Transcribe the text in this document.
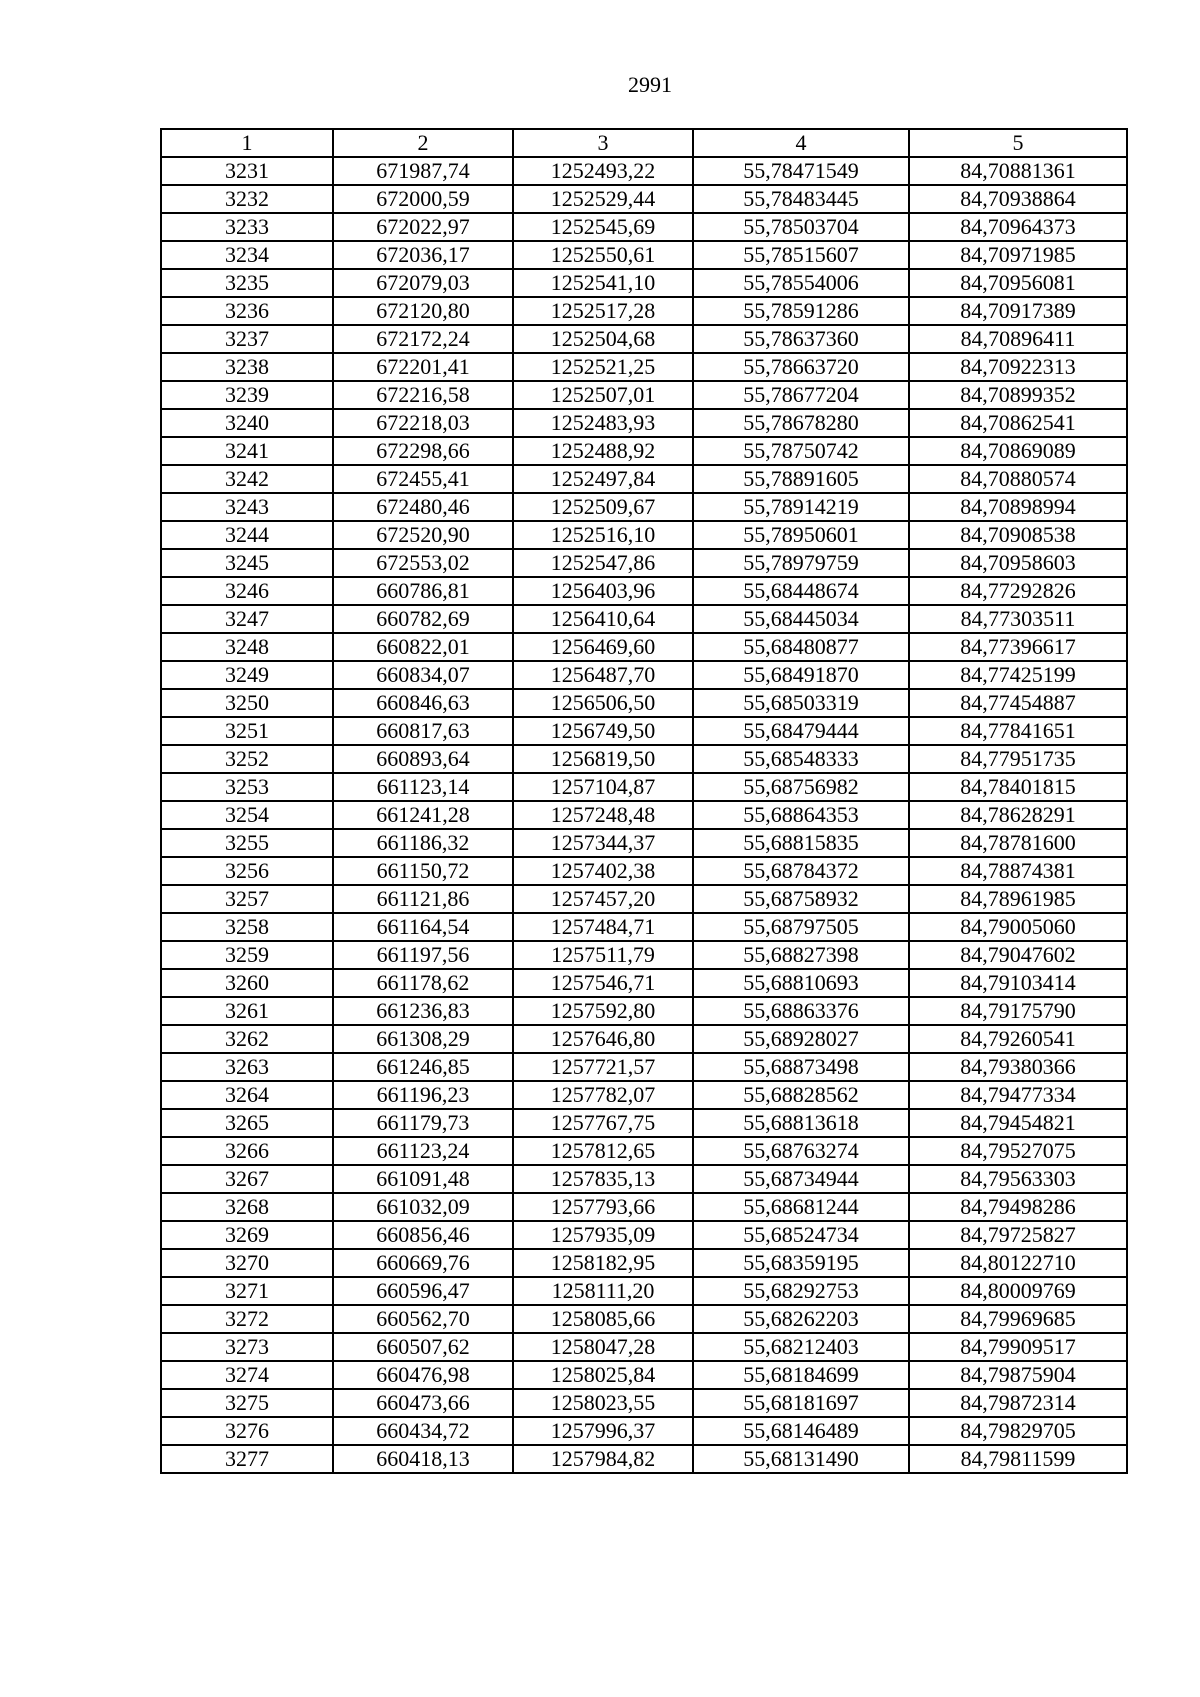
2991
1	2	3	4	5
3231	671987,74	1252493,22	55,78471549	84,70881361
3232	672000,59	1252529,44	55,78483445	84,70938864
3233	672022,97	1252545,69	55,78503704	84,70964373
3234	672036,17	1252550,61	55,78515607	84,70971985
3235	672079,03	1252541,10	55,78554006	84,70956081
3236	672120,80	1252517,28	55,78591286	84,70917389
3237	672172,24	1252504,68	55,78637360	84,70896411
3238	672201,41	1252521,25	55,78663720	84,70922313
3239	672216,58	1252507,01	55,78677204	84,70899352
3240	672218,03	1252483,93	55,78678280	84,70862541
3241	672298,66	1252488,92	55,78750742	84,70869089
3242	672455,41	1252497,84	55,78891605	84,70880574
3243	672480,46	1252509,67	55,78914219	84,70898994
3244	672520,90	1252516,10	55,78950601	84,70908538
3245	672553,02	1252547,86	55,78979759	84,70958603
3246	660786,81	1256403,96	55,68448674	84,77292826
3247	660782,69	1256410,64	55,68445034	84,77303511
3248	660822,01	1256469,60	55,68480877	84,77396617
3249	660834,07	1256487,70	55,68491870	84,77425199
3250	660846,63	1256506,50	55,68503319	84,77454887
3251	660817,63	1256749,50	55,68479444	84,77841651
3252	660893,64	1256819,50	55,68548333	84,77951735
3253	661123,14	1257104,87	55,68756982	84,78401815
3254	661241,28	1257248,48	55,68864353	84,78628291
3255	661186,32	1257344,37	55,68815835	84,78781600
3256	661150,72	1257402,38	55,68784372	84,78874381
3257	661121,86	1257457,20	55,68758932	84,78961985
3258	661164,54	1257484,71	55,68797505	84,79005060
3259	661197,56	1257511,79	55,68827398	84,79047602
3260	661178,62	1257546,71	55,68810693	84,79103414
3261	661236,83	1257592,80	55,68863376	84,79175790
3262	661308,29	1257646,80	55,68928027	84,79260541
3263	661246,85	1257721,57	55,68873498	84,79380366
3264	661196,23	1257782,07	55,68828562	84,79477334
3265	661179,73	1257767,75	55,68813618	84,79454821
3266	661123,24	1257812,65	55,68763274	84,79527075
3267	661091,48	1257835,13	55,68734944	84,79563303
3268	661032,09	1257793,66	55,68681244	84,79498286
3269	660856,46	1257935,09	55,68524734	84,79725827
3270	660669,76	1258182,95	55,68359195	84,80122710
3271	660596,47	1258111,20	55,68292753	84,80009769
3272	660562,70	1258085,66	55,68262203	84,79969685
3273	660507,62	1258047,28	55,68212403	84,79909517
3274	660476,98	1258025,84	55,68184699	84,79875904
3275	660473,66	1258023,55	55,68181697	84,79872314
3276	660434,72	1257996,37	55,68146489	84,79829705
3277	660418,13	1257984,82	55,68131490	84,79811599
